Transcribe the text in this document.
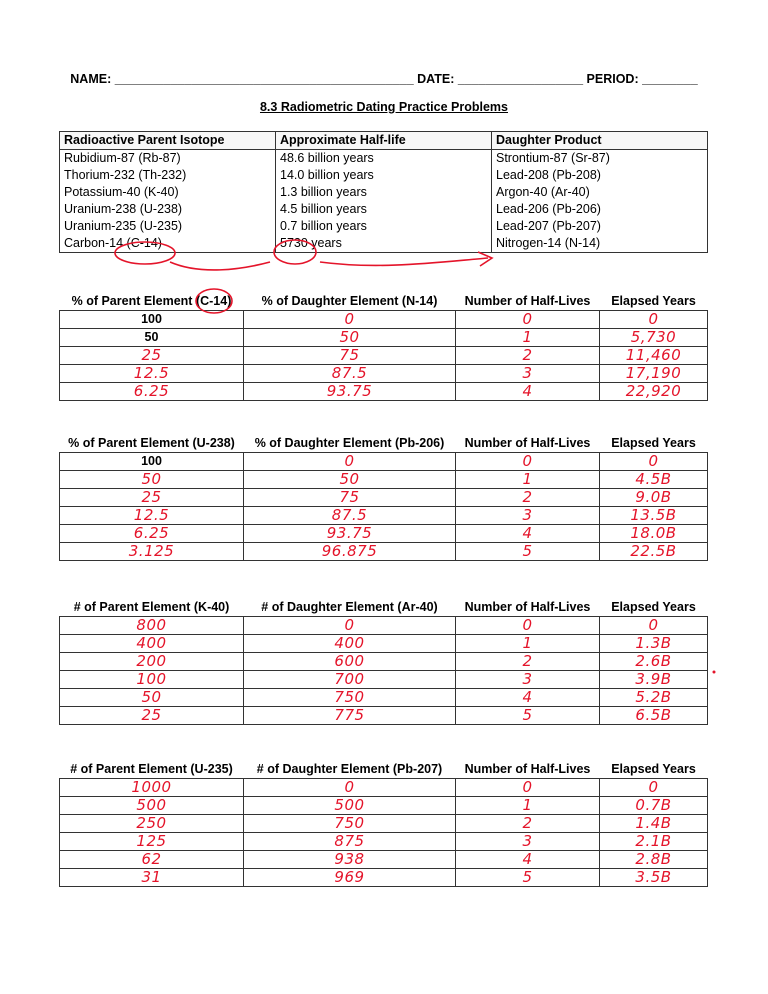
NAME: ___________________________________________ DATE: __________________ PERIOD: ________
8.3 Radiometric Dating Practice Problems
Radioactive Parent Isotope	Approximate Half-life	Daughter Product
Rubidium-87 (Rb-87)	48.6 billion years	Strontium-87 (Sr-87)
Thorium-232 (Th-232)	14.0 billion years	Lead-208 (Pb-208)
Potassium-40 (K-40)	1.3 billion years	Argon-40 (Ar-40)
Uranium-238 (U-238)	4.5 billion years	Lead-206 (Pb-206)
Uranium-235 (U-235)	0.7 billion years	Lead-207 (Pb-207)
Carbon-14 (C-14)	5730 years	Nitrogen-14 (N-14)
% of Parent Element (C-14)	% of Daughter Element (N-14)	Number of Half-Lives	Elapsed Years
100	0	0	0
50	50	1	5,730
25	75	2	11,460
12.5	87.5	3	17,190
6.25	93.75	4	22,920
% of Parent Element (U-238)	% of Daughter Element (Pb-206)	Number of Half-Lives	Elapsed Years
100	0	0	0
50	50	1	4.5B
25	75	2	9.0B
12.5	87.5	3	13.5B
6.25	93.75	4	18.0B
3.125	96.875	5	22.5B
# of Parent Element (K-40)	# of Daughter Element (Ar-40)	Number of Half-Lives	Elapsed Years
800	0	0	0
400	400	1	1.3B
200	600	2	2.6B
100	700	3	3.9B
50	750	4	5.2B
25	775	5	6.5B
# of Parent Element (U-235)	# of Daughter Element (Pb-207)	Number of Half-Lives	Elapsed Years
1000	0	0	0
500	500	1	0.7B
250	750	2	1.4B
125	875	3	2.1B
62	938	4	2.8B
31	969	5	3.5B
